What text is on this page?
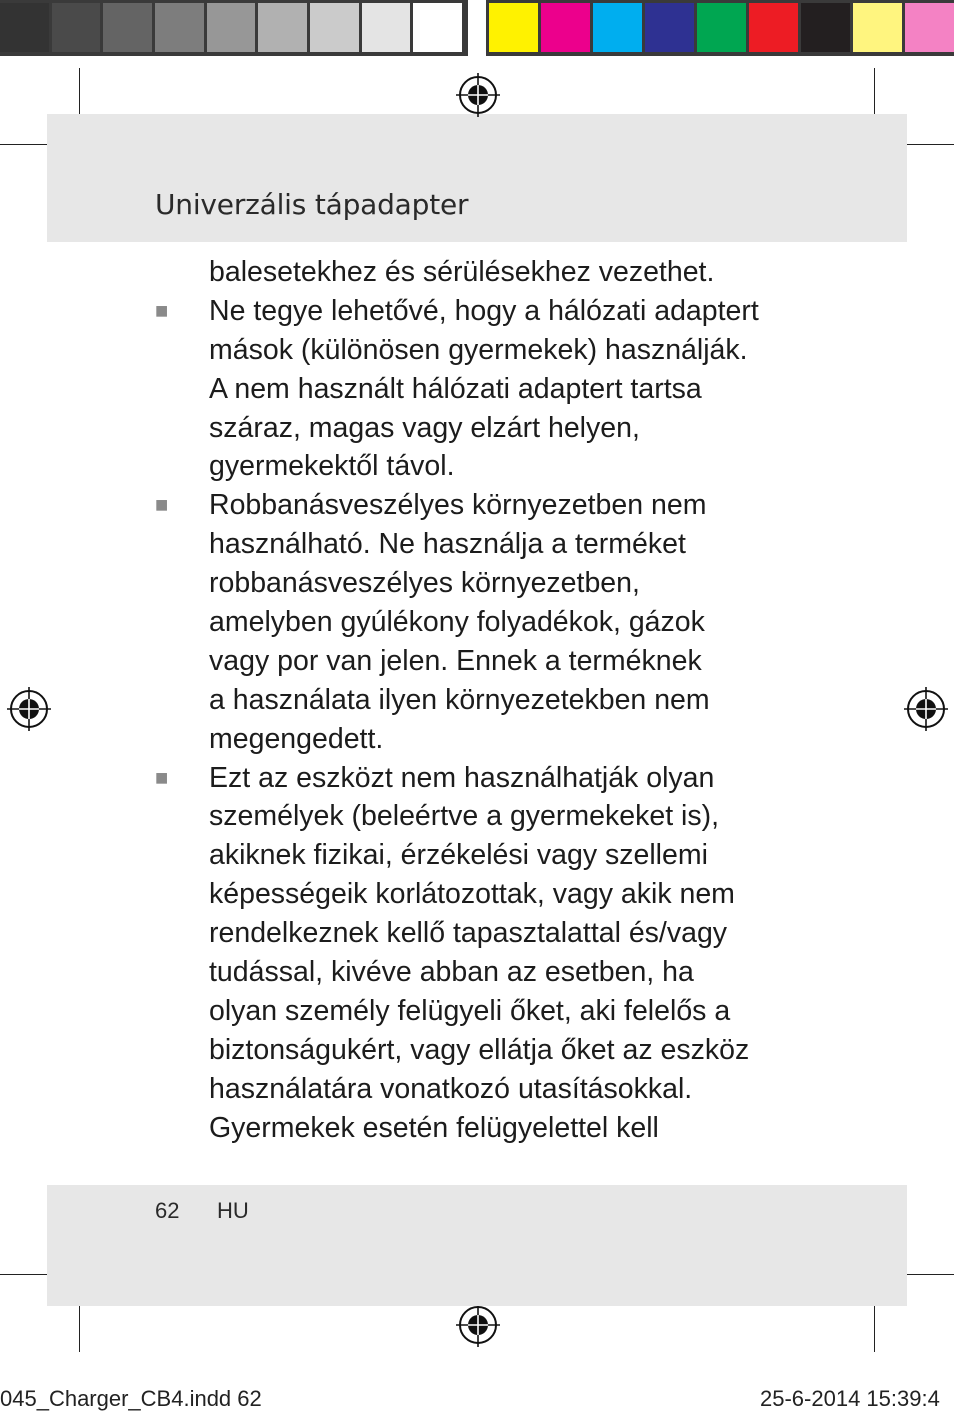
Univerzális tápadapter
balesetekhez és sérülésekhez vezethet.
■ Ne tegye lehetővé, hogy a hálózati adaptert
mások (különösen gyermekek) használják.
A nem használt hálózati adaptert tartsa
száraz, magas vagy elzárt helyen,
gyermekektől távol.
■ Robbanásveszélyes környezetben nem
használható. Ne használja a terméket
robbanásveszélyes környezetben,
amelyben gyúlékony folyadékok, gázok
vagy por van jelen. Ennek a terméknek
a használata ilyen környezetekben nem
megengedett.
■ Ezt az eszközt nem használhatják olyan
személyek (beleértve a gyermekeket is),
akiknek fizikai, érzékelési vagy szellemi
képességeik korlátozottak, vagy akik nem
rendelkeznek kellő tapasztalattal és/vagy
tudással, kivéve abban az esetben, ha
olyan személy felügyeli őket, aki felelős a
biztonságukért, vagy ellátja őket az eszköz
használatára vonatkozó utasításokkal.
Gyermekek esetén felügyelettel kell
62 HU
045_Charger_CB4.indd 62	25-6-2014 15:39:4
